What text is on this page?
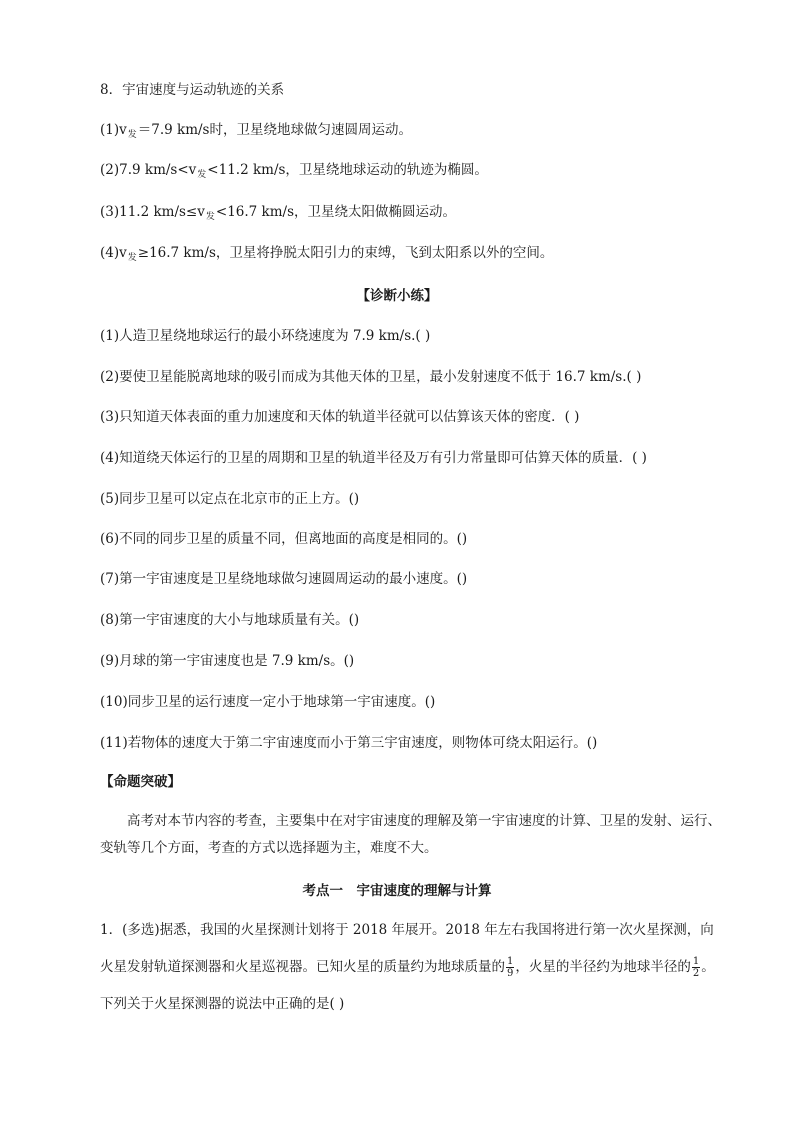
8．宇宙速度与运动轨迹的关系
$(1)v_发=7.9$ km/s时，卫星绕地球做匀速圆周运动。
(2)7.9 $km/s<v_发<11.2$ km/s，卫星绕地球运动的轨迹为椭圆。
(3)11.2 $km/s\le v_发<16.7$ km/s，卫星绕太阳做椭圆运动。
$(4)v_发\ge 16.7$ km/s，卫星将挣脱太阳引力的束缚，飞到太阳系以外的空间。
【诊断小练】
(1)人造卫星绕地球运行的最小环绕速度为 7.9 km/s.( )
(2)要使卫星能脱离地球的吸引而成为其他天体的卫星，最小发射速度不低于 16.7 km/s.( )
(3)只知道天体表面的重力加速度和天体的轨道半径就可以估算该天体的密度．( )
(4)知道绕天体运行的卫星的周期和卫星的轨道半径及万有引力常量即可估算天体的质量．( )
(5)同步卫星可以定点在北京市的正上方。()
(6)不同的同步卫星的质量不同，但离地面的高度是相同的。()
(7)第一宇宙速度是卫星绕地球做匀速圆周运动的最小速度。()
(8)第一宇宙速度的大小与地球质量有关。()
(9)月球的第一宇宙速度也是 7.9 km/s。()
(10)同步卫星的运行速度一定小于地球第一宇宙速度。()
(11)若物体的速度大于第二宇宙速度而小于第三宇宙速度，则物体可绕太阳运行。()
【命题突破】
高考对本节内容的考查，主要集中在对宇宙速度的理解及第一宇宙速度的计算、卫星的发射、运行、变轨等几个方面，考查的方式以选择题为主，难度不大。
考点一　宇宙速度的理解与计算
1．(多选)据悉，我国的火星探测计划将于 2018 年展开。2018 年左右我国将进行第一次火星探测，向火星发射轨道探测器和火星巡视器。已知火星的质量约为地球质量的 $\frac{1}{9}$ ，火星的半径约为地球半径的 $\frac{1}{2}$ 。下列关于火星探测器的说法中正确的是( )
